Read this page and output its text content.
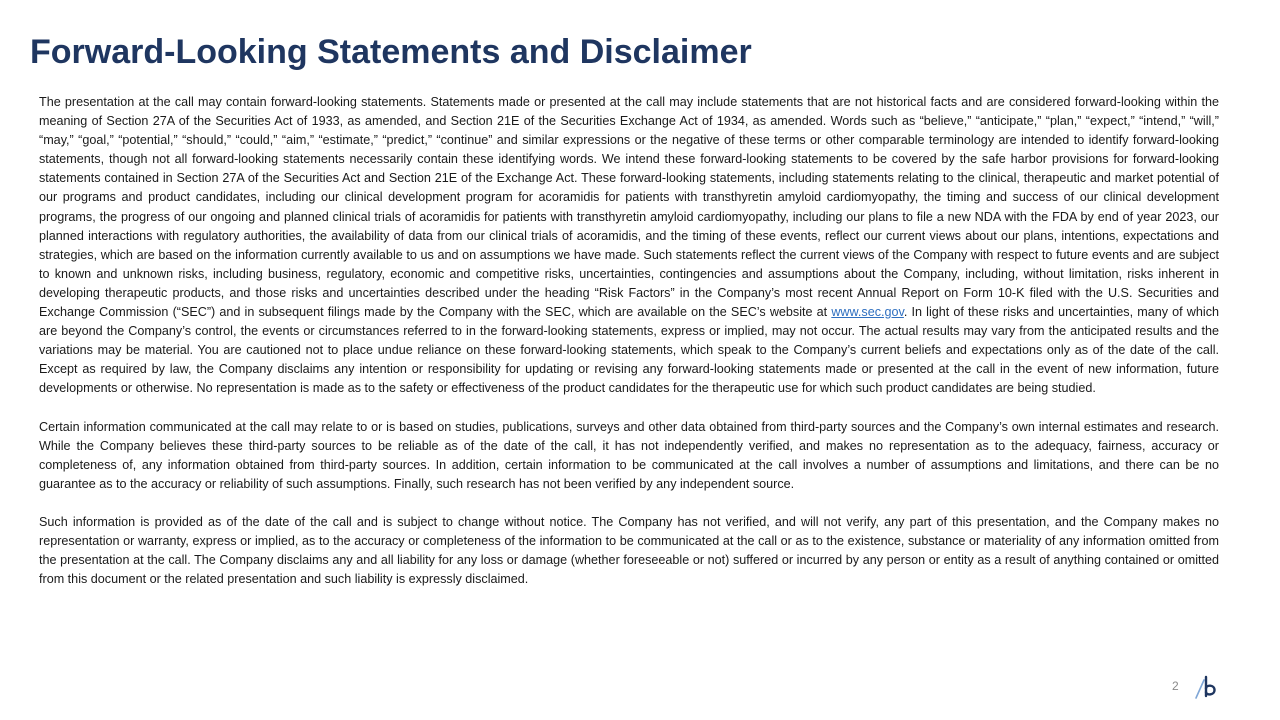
Forward-Looking Statements and Disclaimer

The presentation at the call may contain forward-looking statements. Statements made or presented at the call may include statements that are not historical facts and are considered forward-looking within the meaning of Section 27A of the Securities Act of 1933, as amended, and Section 21E of the Securities Exchange Act of 1934, as amended. Words such as “believe,” “anticipate,” “plan,” “expect,” “intend,” “will,” “may,” “goal,” “potential,” “should,” “could,” “aim,” “estimate,” “predict,” “continue” and similar expressions or the negative of these terms or other comparable terminology are intended to identify forward-looking statements, though not all forward-looking statements necessarily contain these identifying words. We intend these forward-looking statements to be covered by the safe harbor provisions for forward-looking statements contained in Section 27A of the Securities Act and Section 21E of the Exchange Act. These forward-looking statements, including statements relating to the clinical, therapeutic and market potential of our programs and product candidates, including our clinical development program for acoramidis for patients with transthyretin amyloid cardiomyopathy, the timing and success of our clinical development programs, the progress of our ongoing and planned clinical trials of acoramidis for patients with transthyretin amyloid cardiomyopathy, including our plans to file a new NDA with the FDA by end of year 2023, our planned interactions with regulatory authorities, the availability of data from our clinical trials of acoramidis, and the timing of these events, reflect our current views about our plans, intentions, expectations and strategies, which are based on the information currently available to us and on assumptions we have made. Such statements reflect the current views of the Company with respect to future events and are subject to known and unknown risks, including business, regulatory, economic and competitive risks, uncertainties, contingencies and assumptions about the Company, including, without limitation, risks inherent in developing therapeutic products, and those risks and uncertainties described under the heading “Risk Factors” in the Company’s most recent Annual Report on Form 10-K filed with the U.S. Securities and Exchange Commission (“SEC”) and in subsequent filings made by the Company with the SEC, which are available on the SEC’s website at www.sec.gov. In light of these risks and uncertainties, many of which are beyond the Company’s control, the events or circumstances referred to in the forward-looking statements, express or implied, may not occur. The actual results may vary from the anticipated results and the variations may be material. You are cautioned not to place undue reliance on these forward-looking statements, which speak to the Company’s current beliefs and expectations only as of the date of the call. Except as required by law, the Company disclaims any intention or responsibility for updating or revising any forward-looking statements made or presented at the call in the event of new information, future developments or otherwise. No representation is made as to the safety or effectiveness of the product candidates for the therapeutic use for which such product candidates are being studied.

Certain information communicated at the call may relate to or is based on studies, publications, surveys and other data obtained from third-party sources and the Company’s own internal estimates and research. While the Company believes these third-party sources to be reliable as of the date of the call, it has not independently verified, and makes no representation as to the adequacy, fairness, accuracy or completeness of, any information obtained from third-party sources. In addition, certain information to be communicated at the call involves a number of assumptions and limitations, and there can be no guarantee as to the accuracy or reliability of such assumptions. Finally, such research has not been verified by any independent source.

Such information is provided as of the date of the call and is subject to change without notice. The Company has not verified, and will not verify, any part of this presentation, and the Company makes no representation or warranty, express or implied, as to the accuracy or completeness of the information to be communicated at the call or as to the existence, substance or materiality of any information omitted from the presentation at the call. The Company disclaims any and all liability for any loss or damage (whether foreseeable or not) suffered or incurred by any person or entity as a result of anything contained or omitted from this document or the related presentation and such liability is expressly disclaimed.

2
